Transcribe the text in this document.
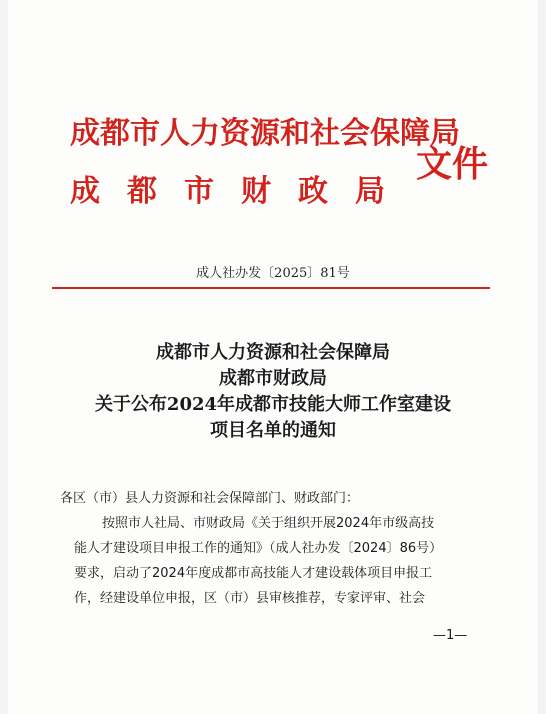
成都市人力资源和社会保障局
成 都 市 财 政 局
文件
成人社办发〔2025〕81号
成都市人力资源和社会保障局
成都市财政局
关于公布2024年成都市技能大师工作室建设
项目名单的通知
各区（市）县人力资源和社会保障部门、财政部门：
按照市人社局、市财政局《关于组织开展2024年市级高技
能人才建设项目申报工作的通知》（成人社办发〔2024〕86号）
要求，启动了2024年度成都市高技能人才建设载体项目申报工
作，经建设单位申报，区（市）县审核推荐，专家评审、社会
—1—
